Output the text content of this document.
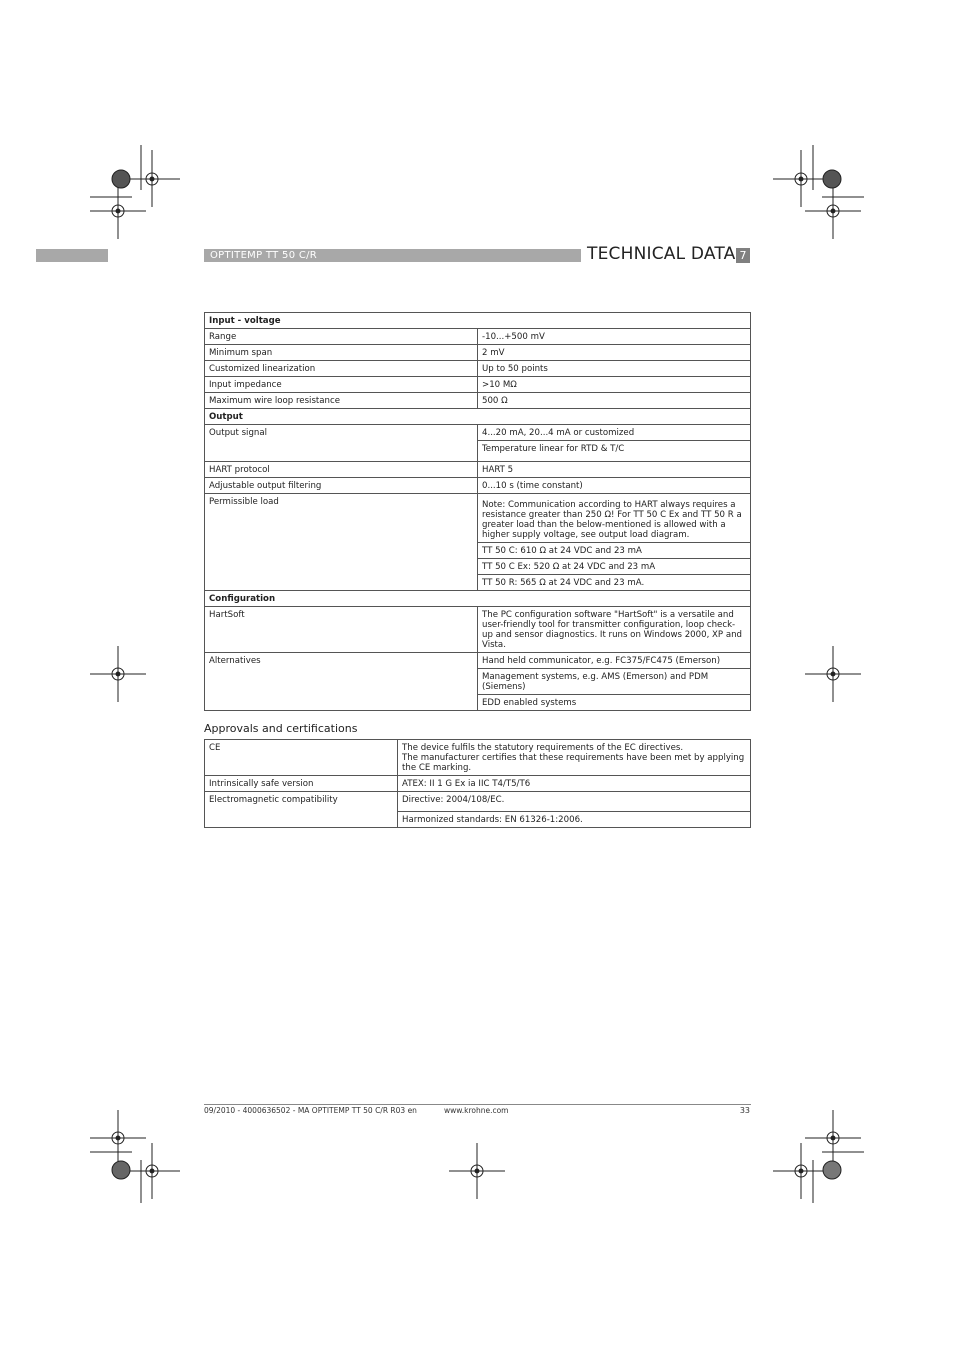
OPTITEMP TT 50 C/R	TECHNICAL DATA 7
Input - voltage	
Range	-10...+500 mV
Minimum span	2 mV
Customized linearization	Up to 50 points
Input impedance	>10 MΩ
Maximum wire loop resistance	500 Ω
Output	
Output signal	4...20 mA, 20...4 mA or customized
	Temperature linear for RTD & T/C
HART protocol	HART 5
Adjustable output filtering	0...10 s (time constant)
Permissible load	Note: Communication according to HART always requires a resistance greater than 250 Ω! For TT 50 C Ex and TT 50 R a greater load than the below-mentioned is allowed with a higher supply voltage, see output load diagram.
	TT 50 C: 610 Ω at 24 VDC and 23 mA
	TT 50 C Ex: 520 Ω at 24 VDC and 23 mA
	TT 50 R: 565 Ω at 24 VDC and 23 mA.
Configuration	
HartSoft	The PC configuration software "HartSoft" is a versatile and user-friendly tool for transmitter configuration, loop check-up and sensor diagnostics. It runs on Windows 2000, XP and Vista.
Alternatives	Hand held communicator, e.g. FC375/FC475 (Emerson)
	Management systems, e.g. AMS (Emerson) and PDM (Siemens)
	EDD enabled systems
Approvals and certifications
CE	The device fulfils the statutory requirements of the EC directives.
The manufacturer certifies that these requirements have been met by applying the CE marking.
Intrinsically safe version	ATEX: II 1 G Ex ia IIC T4/T5/T6
Electromagnetic compatibility	Directive: 2004/108/EC.
	Harmonized standards: EN 61326-1:2006.
09/2010 - 4000636502 - MA OPTITEMP TT 50 C/R R03 en	www.krohne.com	33
